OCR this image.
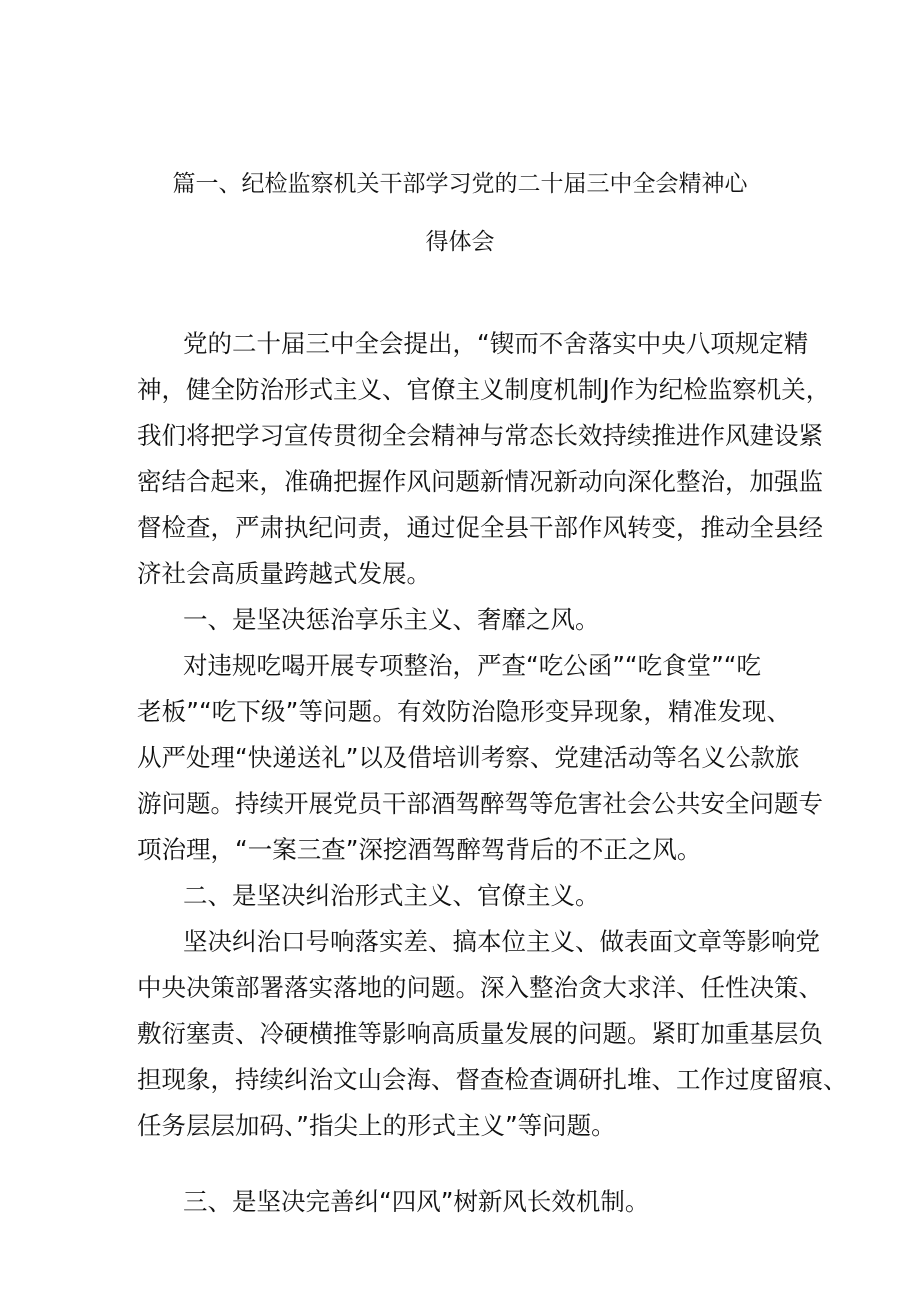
篇一、纪检监察机关干部学习党的二十届三中全会精神心
得体会
党的二十届三中全会提出，“锲而不舍落实中央八项规定精
神，健全防治形式主义、官僚主义制度机制J作为纪检监察机关，
我们将把学习宣传贯彻全会精神与常态长效持续推进作风建设紧
密结合起来，准确把握作风问题新情况新动向深化整治，加强监
督检查，严肃执纪问责，通过促全县干部作风转变，推动全县经
济社会高质量跨越式发展。
一、是坚决惩治享乐主义、奢靡之风。
对违规吃喝开展专项整治，严查“吃公函”“吃食堂”“吃
老板”“吃下级”等问题。有效防治隐形变异现象，精准发现、
从严处理“快递送礼”以及借培训考察、党建活动等名义公款旅
游问题。持续开展党员干部酒驾醉驾等危害社会公共安全问题专
项治理，“一案三查”深挖酒驾醉驾背后的不正之风。
二、是坚决纠治形式主义、官僚主义。
坚决纠治口号响落实差、搞本位主义、做表面文章等影响党
中央决策部署落实落地的问题。深入整治贪大求洋、任性决策、
敷衍塞责、冷硬横推等影响高质量发展的问题。紧盯加重基层负
担现象，持续纠治文山会海、督查检查调研扎堆、工作过度留痕、
任务层层加码、”指尖上的形式主义”等问题。
三、是坚决完善纠“四风”树新风长效机制。
